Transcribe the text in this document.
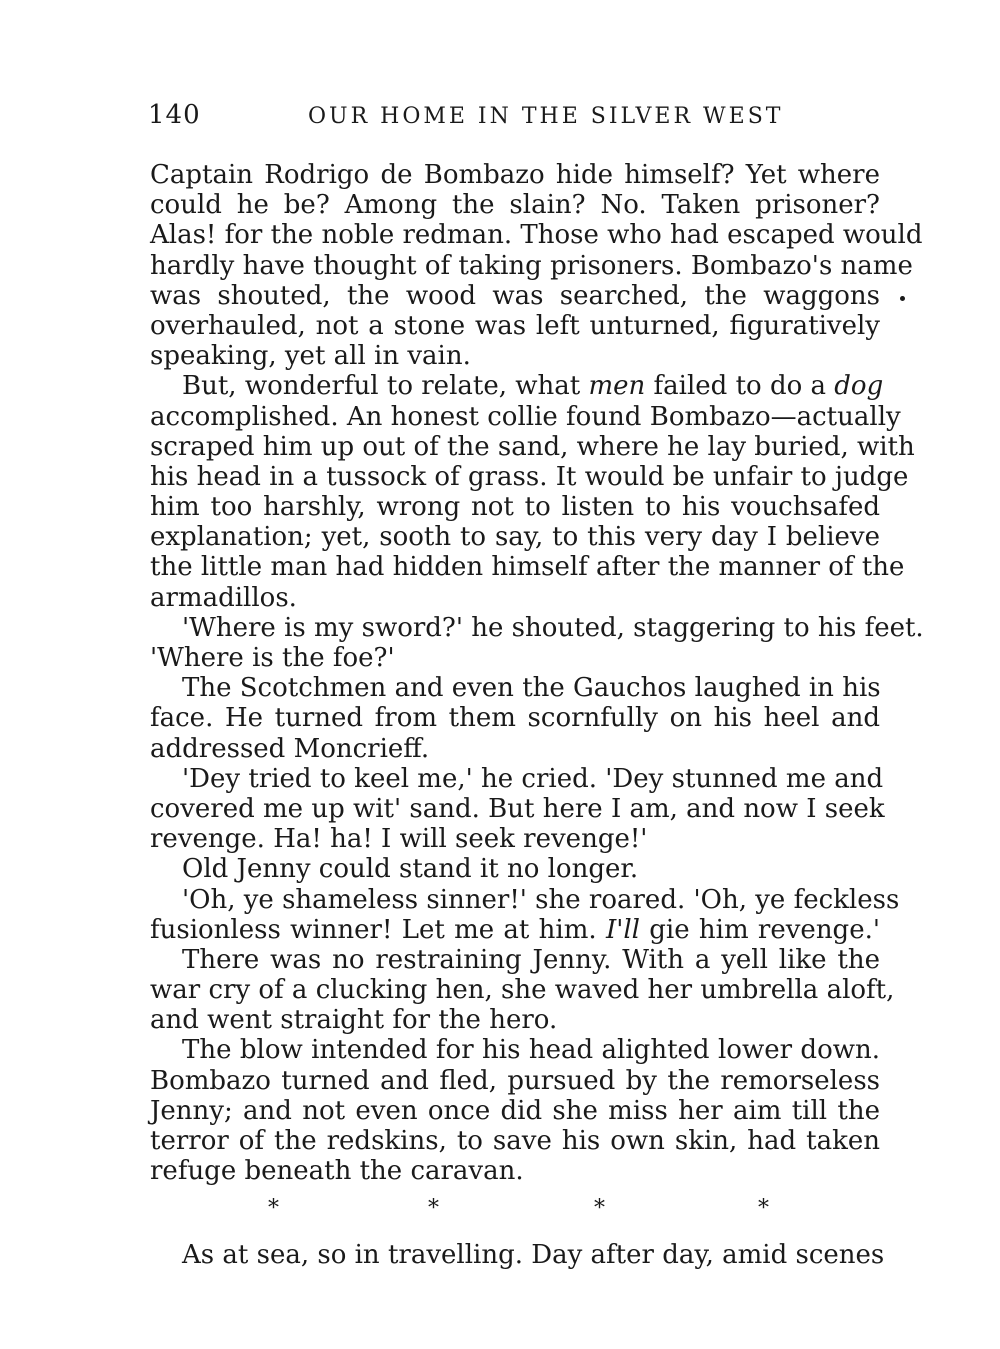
140	OUR HOME IN THE SILVER WEST
Captain Rodrigo de Bombazo hide himself? Yet where
could he be? Among the slain? No. Taken prisoner?
Alas! for the noble redman. Those who had escaped would
hardly have thought of taking prisoners. Bombazo's name
was shouted, the wood was searched, the waggons
overhauled, not a stone was left unturned, figuratively
speaking, yet all in vain.
But, wonderful to relate, what men failed to do a dog
accomplished. An honest collie found Bombazo—actually
scraped him up out of the sand, where he lay buried, with
his head in a tussock of grass. It would be unfair to judge
him too harshly, wrong not to listen to his vouchsafed
explanation; yet, sooth to say, to this very day I believe
the little man had hidden himself after the manner of the
armadillos.
'Where is my sword?' he shouted, staggering to his feet.
'Where is the foe?'
The Scotchmen and even the Gauchos laughed in his
face. He turned from them scornfully on his heel and
addressed Moncrieff.
'Dey tried to keel me,' he cried. 'Dey stunned me and
covered me up wit' sand. But here I am, and now I seek
revenge. Ha! ha! I will seek revenge!'
Old Jenny could stand it no longer.
'Oh, ye shameless sinner!' she roared. 'Oh, ye feckless
fusionless winner! Let me at him. I'll gie him revenge.'
There was no restraining Jenny. With a yell like the
war cry of a clucking hen, she waved her umbrella aloft,
and went straight for the hero.
The blow intended for his head alighted lower down.
Bombazo turned and fled, pursued by the remorseless
Jenny; and not even once did she miss her aim till the
terror of the redskins, to save his own skin, had taken
refuge beneath the caravan.
*	*	*	*
As at sea, so in travelling. Day after day, amid scenes
